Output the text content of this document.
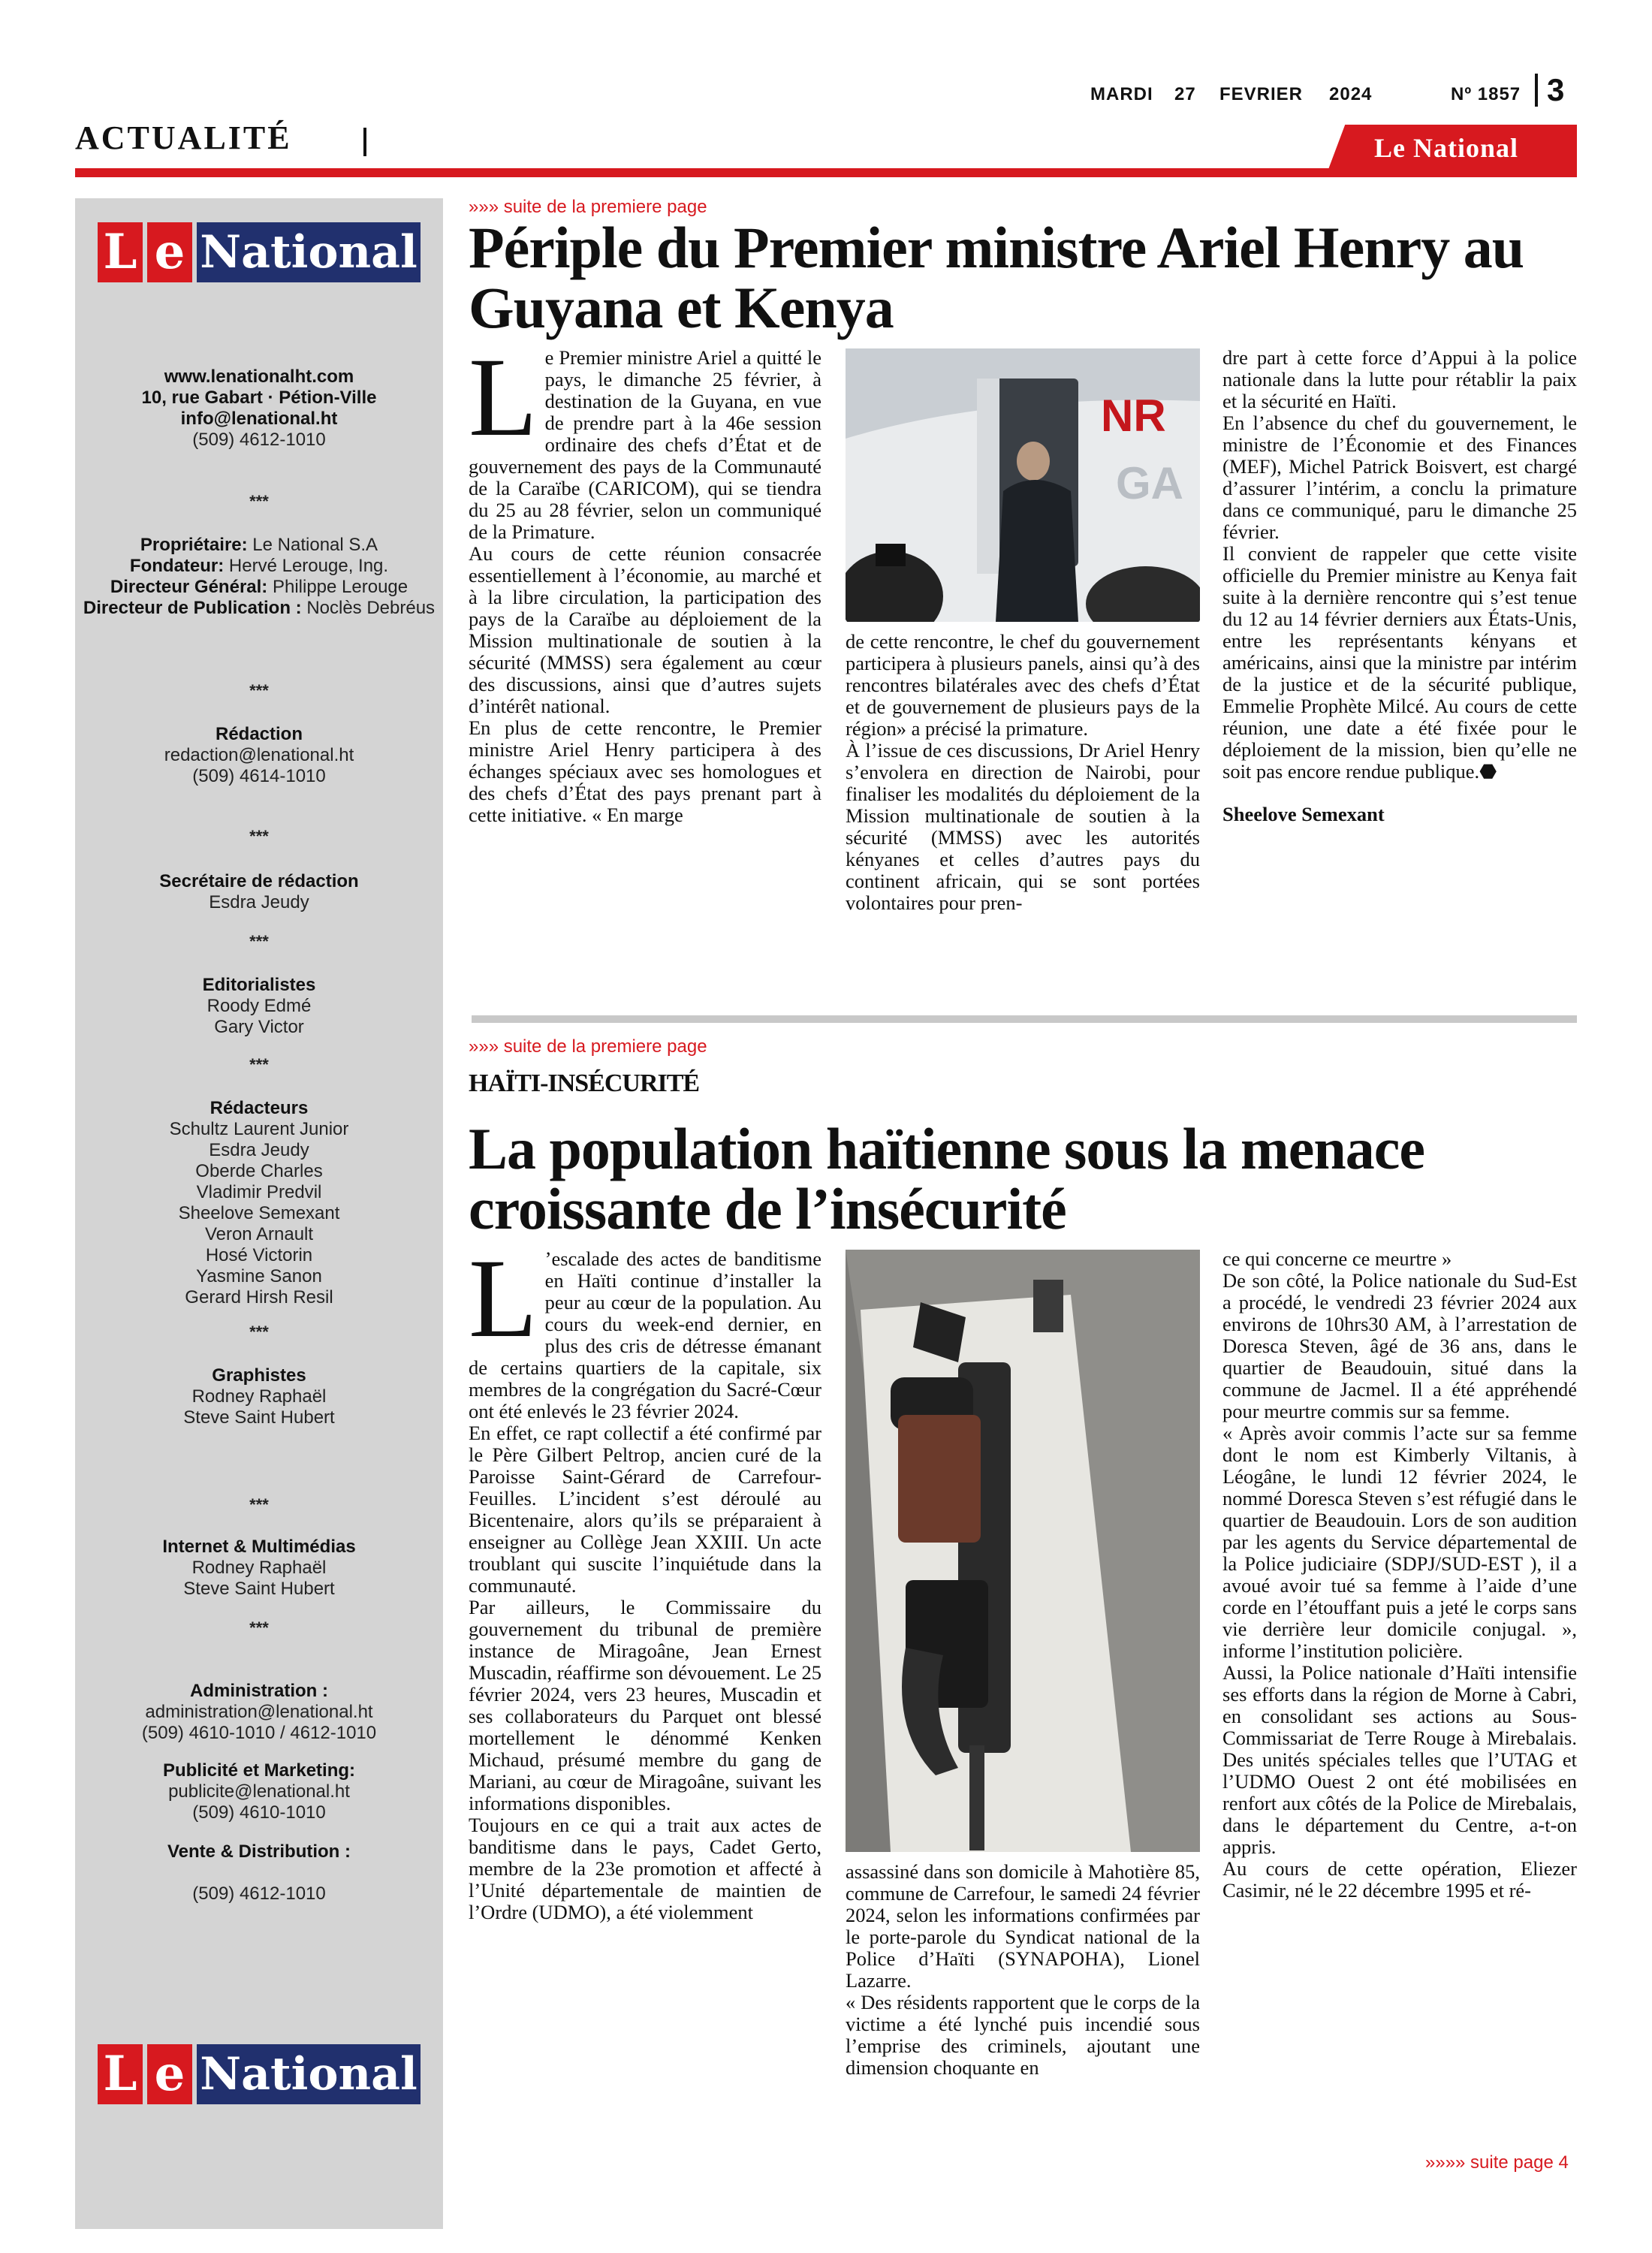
MARDI 27 FEVRIER 2024	Nº 1857 3
ACTUALITÉ	Le National
L e National
www.lenationalht.com
10, rue Gabart · Pétion-Ville
info@lenational.ht
(509) 4612-1010
***
Propriétaire: Le National S.A
Fondateur: Hervé Lerouge, Ing.
Directeur Général: Philippe Lerouge
Directeur de Publication : Noclès Debréus
***
Rédaction
redaction@lenational.ht
(509) 4614-1010
***
Secrétaire de rédaction
Esdra Jeudy
***
Editorialistes
Roody Edmé
Gary Victor
***
Rédacteurs
Schultz Laurent Junior
Esdra Jeudy
Oberde Charles
Vladimir Predvil
Sheelove Semexant
Veron Arnault
Hosé Victorin
Yasmine Sanon
Gerard Hirsh Resil
***
Graphistes
Rodney Raphaël
Steve Saint Hubert
***
Internet & Multimédias
Rodney Raphaël
Steve Saint Hubert
***
Administration :
administration@lenational.ht
(509) 4610-1010 / 4612-1010
Publicité et Marketing:
publicite@lenational.ht
(509) 4610-1010
Vente & Distribution :
(509) 4612-1010
L e National
»»» suite de la premiere page
Périple du Premier ministre Ariel Henry au
Guyana et Kenya
L e Premier ministre Ariel a quitté le pays, le dimanche 25 février, à destination de la Guyana, en vue de prendre part à la 46e session ordinaire des chefs d’État et de gouvernement des pays de la Communauté de la Caraïbe (CARICOM), qui se tiendra du 25 au 28 février, selon un communiqué de la Primature.

Au cours de cette réunion consacrée essentiellement à l’économie, au marché et à la libre circulation, la participation des pays de la Caraïbe au déploiement de la Mission multinationale de soutien à la sécurité (MMSS) sera également au cœur des discussions, ainsi que d’autres sujets d’intérêt national.

En plus de cette rencontre, le Premier ministre Ariel Henry participera à des échanges spéciaux avec ses homologues et des chefs d’État des pays prenant part à cette initiative. « En marge

NR
GA

de cette rencontre, le chef du gouvernement participera à plusieurs panels, ainsi qu’à des rencontres bilatérales avec des chefs d’État et de gouvernement de plusieurs pays de la région» a précisé la primature.

À l’issue de ces discussions, Dr Ariel Henry s’envolera en direction de Nairobi, pour finaliser les modalités du déploiement de la Mission multinationale de soutien à la sécurité (MMSS) avec les autorités kényanes et celles d’autres pays du continent africain, qui se sont portées volontaires pour pren-

dre part à cette force d’Appui à la police nationale dans la lutte pour rétablir la paix et la sécurité en Haïti.

En l’absence du chef du gouvernement, le ministre de l’Économie et des Finances (MEF), Michel Patrick Boisvert, est chargé d’assurer l’intérim, a conclu la primature dans ce communiqué, paru le dimanche 25 février.

Il convient de rappeler que cette visite officielle du Premier ministre au Kenya fait suite à la dernière rencontre qui s’est tenue du 12 au 14 février derniers aux États-Unis, entre les représentants kényans et américains, ainsi que la ministre par intérim de la justice et de la sécurité publique, Emmelie Prophète Milcé. Au cours de cette réunion, une date a été fixée pour le déploiement de la mission, bien qu’elle ne soit pas encore rendue publique.⬣

Sheelove Semexant

»»» suite de la premiere page
HAÏTI-INSÉCURITÉ
La population haïtienne sous la menace
croissante de l’insécurité
L ’escalade des actes de banditisme en Haïti continue d’installer la peur au cœur de la population. Au cours du week-end dernier, en plus des cris de détresse émanant de certains quartiers de la capitale, six membres de la congrégation du Sacré-Cœur ont été enlevés le 23 février 2024.

En effet, ce rapt collectif a été confirmé par le Père Gilbert Peltrop, ancien curé de la Paroisse Saint-Gérard de Carrefour-Feuilles. L’incident s’est déroulé au Bicentenaire, alors qu’ils se préparaient à enseigner au Collège Jean XXIII. Un acte troublant qui suscite l’inquiétude dans la communauté.

Par ailleurs, le Commissaire du gouvernement du tribunal de première instance de Miragoâne, Jean Ernest Muscadin, réaffirme son dévouement. Le 25 février 2024, vers 23 heures, Muscadin et ses collaborateurs du Parquet ont blessé mortellement le dénommé Kenken Michaud, présumé membre du gang de Mariani, au cœur de Miragoâne, suivant les informations disponibles.

Toujours en ce qui a trait aux actes de banditisme dans le pays, Cadet Gerto, membre de la 23e promotion et affecté à l’Unité départementale de maintien de l’Ordre (UDMO), a été violemment

assassiné dans son domicile à Mahotière 85, commune de Carrefour, le samedi 24 février 2024, selon les informations confirmées par le porte-parole du Syndicat national de la Police d’Haïti (SYNAPOHA), Lionel Lazarre.

« Des résidents rapportent que le corps de la victime a été lynché puis incendié sous l’emprise des criminels, ajoutant une dimension choquante en

ce qui concerne ce meurtre »

De son côté, la Police nationale du Sud-Est a procédé, le vendredi 23 février 2024 aux environs de 10hrs30 AM, à l’arrestation de Doresca Steven, âgé de 36 ans, dans le quartier de Beaudouin, situé dans la commune de Jacmel. Il a été appréhendé pour meurtre commis sur sa femme.

« Après avoir commis l’acte sur sa femme dont le nom est Kimberly Viltanis, à Léogâne, le lundi 12 février 2024, le nommé Doresca Steven s’est réfugié dans le quartier de Beaudouin. Lors de son audition par les agents du Service départemental de la Police judiciaire (SDPJ/SUD-EST ), il a avoué avoir tué sa femme à l’aide d’une corde en l’étouffant puis a jeté le corps sans vie derrière leur domicile conjugal. », informe l’institution policière.

Aussi, la Police nationale d’Haïti intensifie ses efforts dans la région de Morne à Cabri, en consolidant ses actions au Sous-Commissariat de Terre Rouge à Mirebalais. Des unités spéciales telles que l’UTAG et l’UDMO Ouest 2 ont été mobilisées en renfort aux côtés de la Police de Mirebalais, dans le département du Centre, a-t-on appris.

Au cours de cette opération, Eliezer Casimir, né le 22 décembre 1995 et ré-

»»»» suite page 4
